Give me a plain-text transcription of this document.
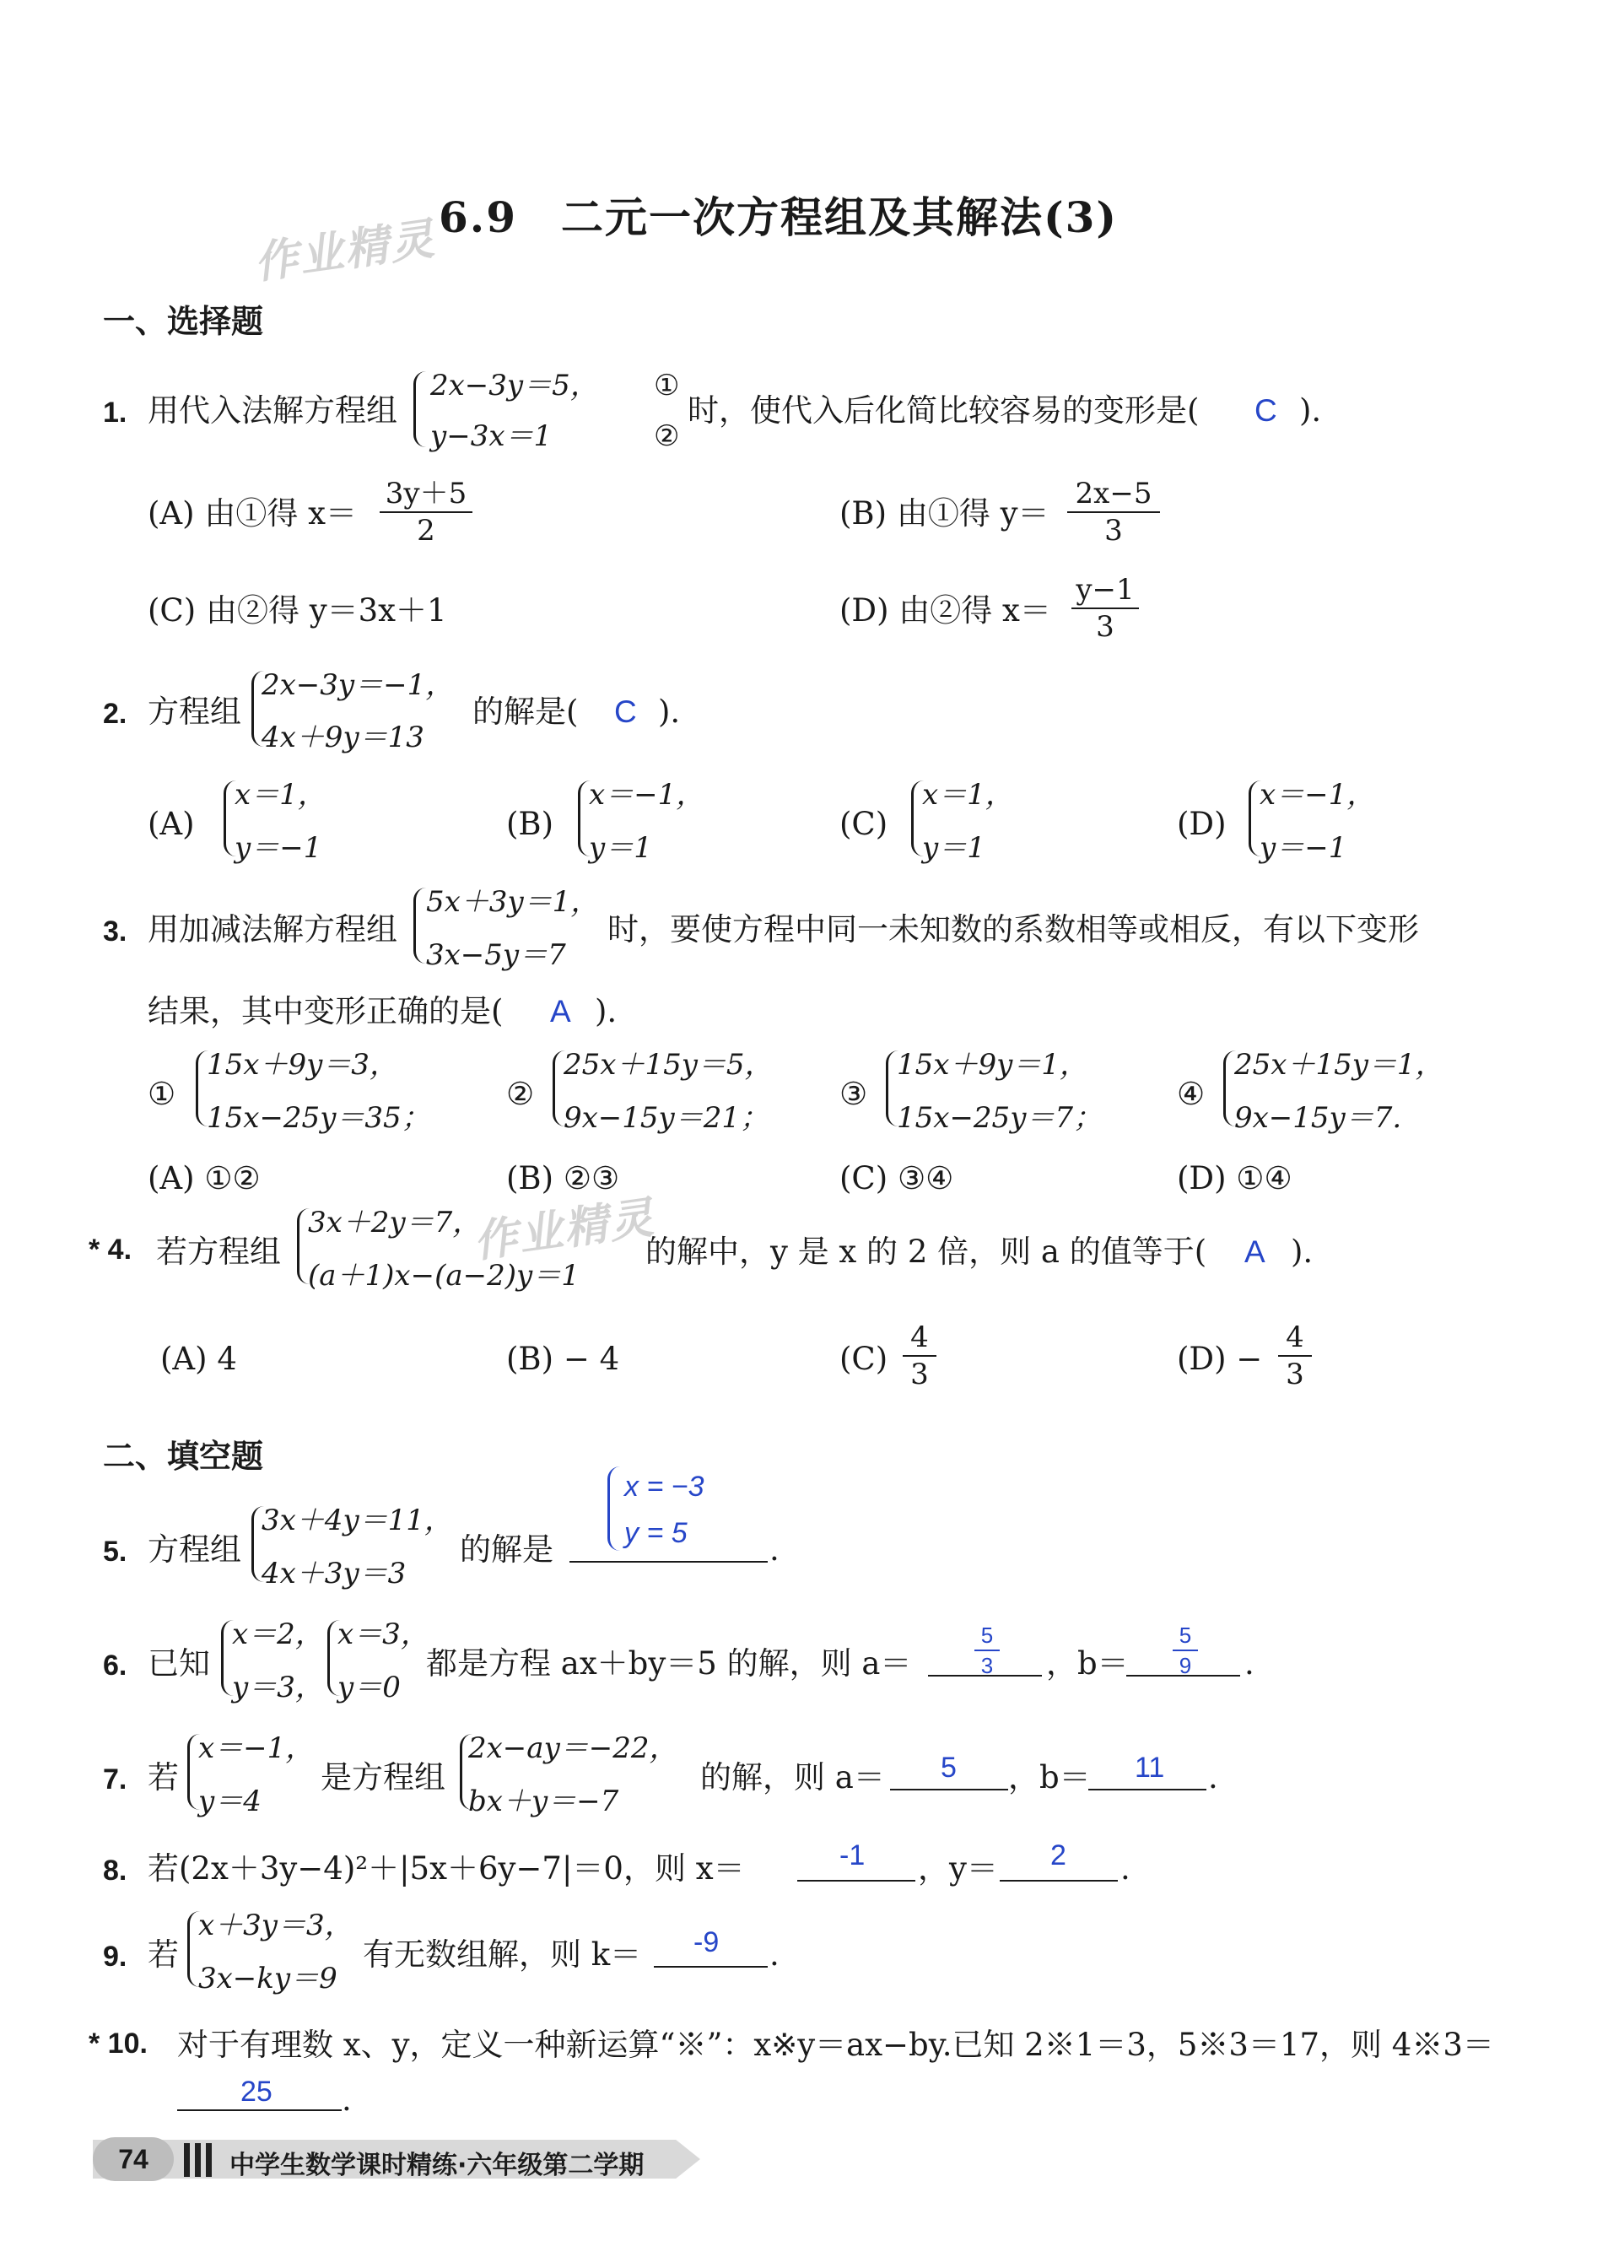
作业精灵
作业精灵
6.9　二元一次方程组及其解法(3)
一、选择题
1. 用代入法解方程组
2x−3y＝5， ①
y−3x＝1	②
时，使代入后化简比较容易的变形是( C ).
(A) 由①得 x＝
3y＋5
2	(B) 由①得 y＝
2x−5
3
(C) 由②得 y＝3x＋1	(D) 由②得 x＝
y−1
3
2. 方程组
2x−3y＝−1，
4x＋9y＝13
的解是( C ).
(A)
x＝1，
y＝−1
(B)
x＝−1，
y＝1
(C)
x＝1，
y＝1
(D)
x＝−1，
y＝−1
3. 用加减法解方程组
5x＋3y＝1，
3x−5y＝7
时，要使方程中同一未知数的系数相等或相反，有以下变形
结果，其中变形正确的是( A ).
①
15x＋9y＝3，
15x−25y＝35；
②
25x＋15y＝5，
9x−15y＝21；
③
15x＋9y＝1，
15x−25y＝7；
④
25x＋15y＝1，
9x−15y＝7.
(A) ①②	(B) ②③	(C) ③④	(D) ①④
* 4. 若方程组
3x＋2y＝7，
(a＋1)x−(a−2)y＝1
的解中，y 是 x 的 2 倍，则 a 的值等于( A ).
(A) 4	(B) − 4	(C)
4
3	(D) −
4
3
二、填空题
5. 方程组
3x＋4y＝11，
4x＋3y＝3
的解是
x = −3
y = 5	.
6. 已知
x＝2，
y＝3，
x＝3，
y＝0
都是方程 ax＋by＝5 的解，则 a＝
5
3 ，b＝
5
9 .
7. 若
x＝−1，
y＝4
是方程组
2x−ay＝−22，
bx＋y＝−7
的解，则 a＝ 5 ，b＝ 11 .
8. 若(2x＋3y−4)²＋|5x＋6y−7|＝0，则 x＝	-1 ，y＝ 2 .
9. 若
x＋3y＝3，
3x−ky＝9
有无数组解，则 k＝ -9 .
* 10. 对于有理数 x、y，定义一种新运算“※”：x※y＝ax−by.已知 2※1＝3，5※3＝17，则 4※3＝
25 .
74	中学生数学课时精练·六年级第二学期
